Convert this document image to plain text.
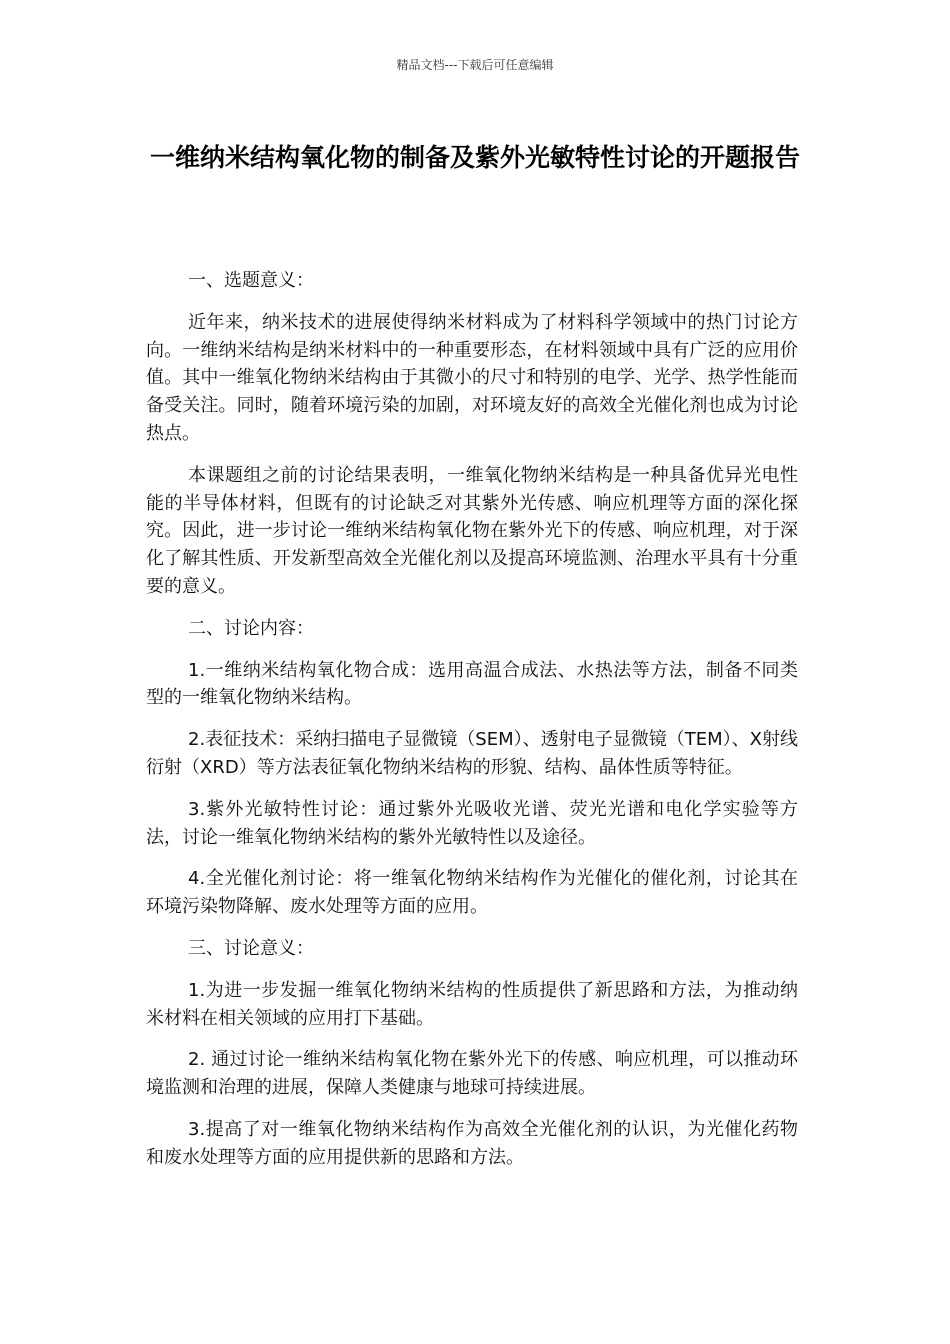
精品文档---下载后可任意编辑
一维纳米结构氧化物的制备及紫外光敏特性讨论的开题报告

一、选题意义：

近年来，纳米技术的进展使得纳米材料成为了材料科学领域中的热门讨论方向。一维纳米结构是纳米材料中的一种重要形态，在材料领域中具有广泛的应用价值。其中一维氧化物纳米结构由于其微小的尺寸和特别的电学、光学、热学性能而备受关注。同时，随着环境污染的加剧，对环境友好的高效全光催化剂也成为讨论热点。

本课题组之前的讨论结果表明，一维氧化物纳米结构是一种具备优异光电性能的半导体材料，但既有的讨论缺乏对其紫外光传感、响应机理等方面的深化探究。因此，进一步讨论一维纳米结构氧化物在紫外光下的传感、响应机理，对于深化了解其性质、开发新型高效全光催化剂以及提高环境监测、治理水平具有十分重要的意义。

二、讨论内容：

1.一维纳米结构氧化物合成：选用高温合成法、水热法等方法，制备不同类型的一维氧化物纳米结构。

2.表征技术：采纳扫描电子显微镜（SEM）、透射电子显微镜（TEM）、X射线衍射（XRD）等方法表征氧化物纳米结构的形貌、结构、晶体性质等特征。

3.紫外光敏特性讨论：通过紫外光吸收光谱、荧光光谱和电化学实验等方法，讨论一维氧化物纳米结构的紫外光敏特性以及途径。

4.全光催化剂讨论：将一维氧化物纳米结构作为光催化的催化剂，讨论其在环境污染物降解、废水处理等方面的应用。

三、讨论意义：

1.为进一步发掘一维氧化物纳米结构的性质提供了新思路和方法，为推动纳米材料在相关领域的应用打下基础。

2. 通过讨论一维纳米结构氧化物在紫外光下的传感、响应机理，可以推动环境监测和治理的进展，保障人类健康与地球可持续进展。

3.提高了对一维氧化物纳米结构作为高效全光催化剂的认识，为光催化药物和废水处理等方面的应用提供新的思路和方法。
